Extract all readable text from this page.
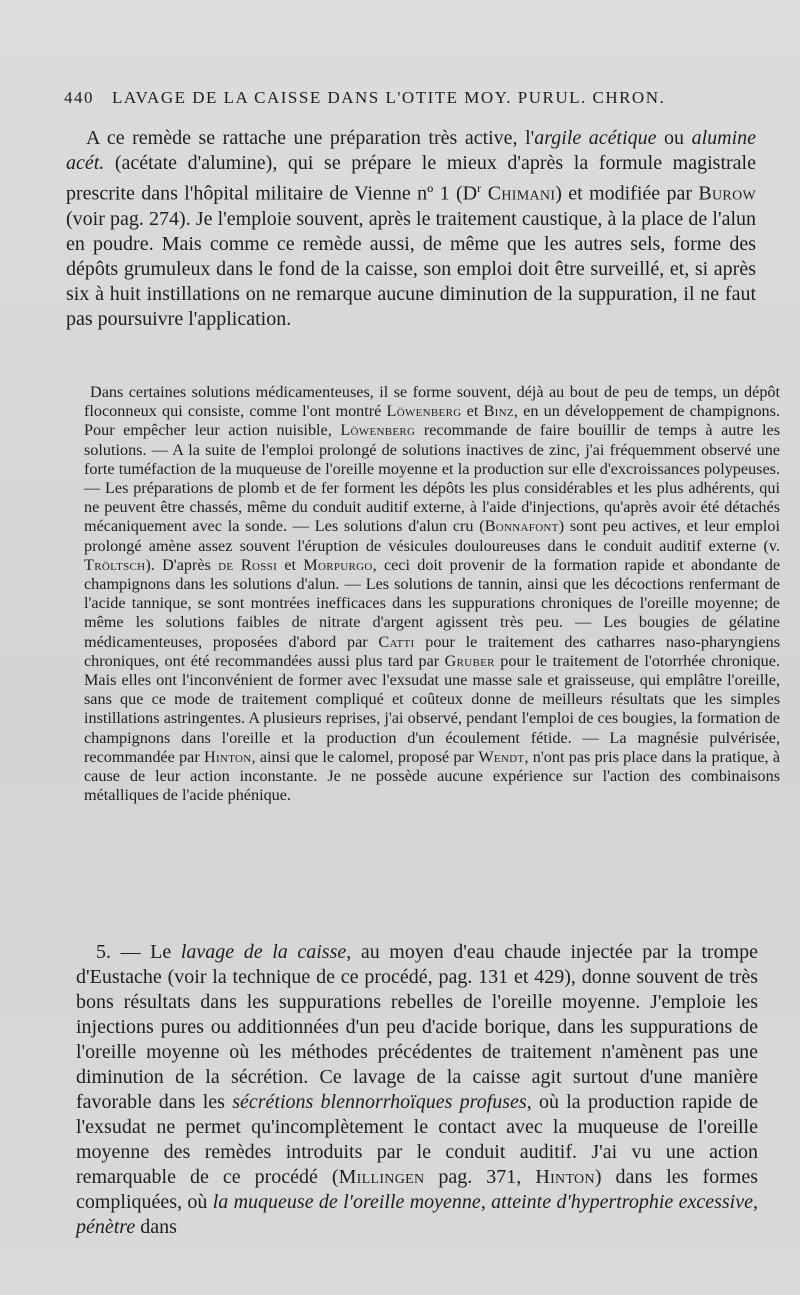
440 LAVAGE DE LA CAISSE DANS L'OTITE MOY. PURUL. CHRON.

A ce remède se rattache une préparation très active, l'argile acétique ou alumine acét. (acétate d'alumine), qui se prépare le mieux d'après la formule magistrale prescrite dans l'hôpital militaire de Vienne nº 1 ($D^r$ Chimani) et modifiée par Burow (voir pag. 274). Je l'emploie souvent, après le traitement caustique, à la place de l'alun en poudre. Mais comme ce remède aussi, de même que les autres sels, forme des dépôts grumuleux dans le fond de la caisse, son emploi doit être surveillé, et, si après six à huit instillations on ne remarque aucune diminution de la suppuration, il ne faut pas poursuivre l'application.

Dans certaines solutions médicamenteuses, il se forme souvent, déjà au bout de peu de temps, un dépôt floconneux qui consiste, comme l'ont montré Löwenberg et Binz, en un développement de champignons. Pour empêcher leur action nuisible, Löwenberg recommande de faire bouillir de temps à autre les solutions. — A la suite de l'emploi prolongé de solutions inactives de zinc, j'ai fréquemment observé une forte tuméfaction de la muqueuse de l'oreille moyenne et la production sur elle d'excroissances polypeuses. — Les préparations de plomb et de fer forment les dépôts les plus considérables et les plus adhérents, qui ne peuvent être chassés, même du conduit auditif externe, à l'aide d'injections, qu'après avoir été détachés mécaniquement avec la sonde. — Les solutions d'alun cru (Bonnafont) sont peu actives, et leur emploi prolongé amène assez souvent l'éruption de vésicules douloureuses dans le conduit auditif externe (v. Tröltsch). D'après de Rossi et Morpurgo, ceci doit provenir de la formation rapide et abondante de champignons dans les solutions d'alun. — Les solutions de tannin, ainsi que les décoctions renfermant de l'acide tannique, se sont montrées inefficaces dans les suppurations chroniques de l'oreille moyenne; de même les solutions faibles de nitrate d'argent agissent très peu. — Les bougies de gélatine médicamenteuses, proposées d'abord par Catti pour le traitement des catharres naso-pharyngiens chroniques, ont été recommandées aussi plus tard par Gruber pour le traitement de l'otorrhée chronique. Mais elles ont l'inconvénient de former avec l'exsudat une masse sale et graisseuse, qui emplâtre l'oreille, sans que ce mode de traitement compliqué et coûteux donne de meilleurs résultats que les simples instillations astringentes. A plusieurs reprises, j'ai observé, pendant l'emploi de ces bougies, la formation de champignons dans l'oreille et la production d'un écoulement fétide. — La magnésie pulvérisée, recommandée par Hinton, ainsi que le calomel, proposé par Wendt, n'ont pas pris place dans la pratique, à cause de leur action inconstante. Je ne possède aucune expérience sur l'action des combinaisons métalliques de l'acide phénique.

5. — Le lavage de la caisse, au moyen d'eau chaude injectée par la trompe d'Eustache (voir la technique de ce procédé, pag. 131 et 429), donne souvent de très bons résultats dans les suppurations rebelles de l'oreille moyenne. J'emploie les injections pures ou additionnées d'un peu d'acide borique, dans les suppurations de l'oreille moyenne où les méthodes précédentes de traitement n'amènent pas une diminution de la sécrétion. Ce lavage de la caisse agit surtout d'une manière favorable dans les sécrétions blennorrhoïques profuses, où la production rapide de l'exsudat ne permet qu'incomplètement le contact avec la muqueuse de l'oreille moyenne des remèdes introduits par le conduit auditif. J'ai vu une action remarquable de ce procédé (Millingen pag. 371, Hinton) dans les formes compliquées, où la muqueuse de l'oreille moyenne, atteinte d'hypertrophie excessive, pénètre dans
